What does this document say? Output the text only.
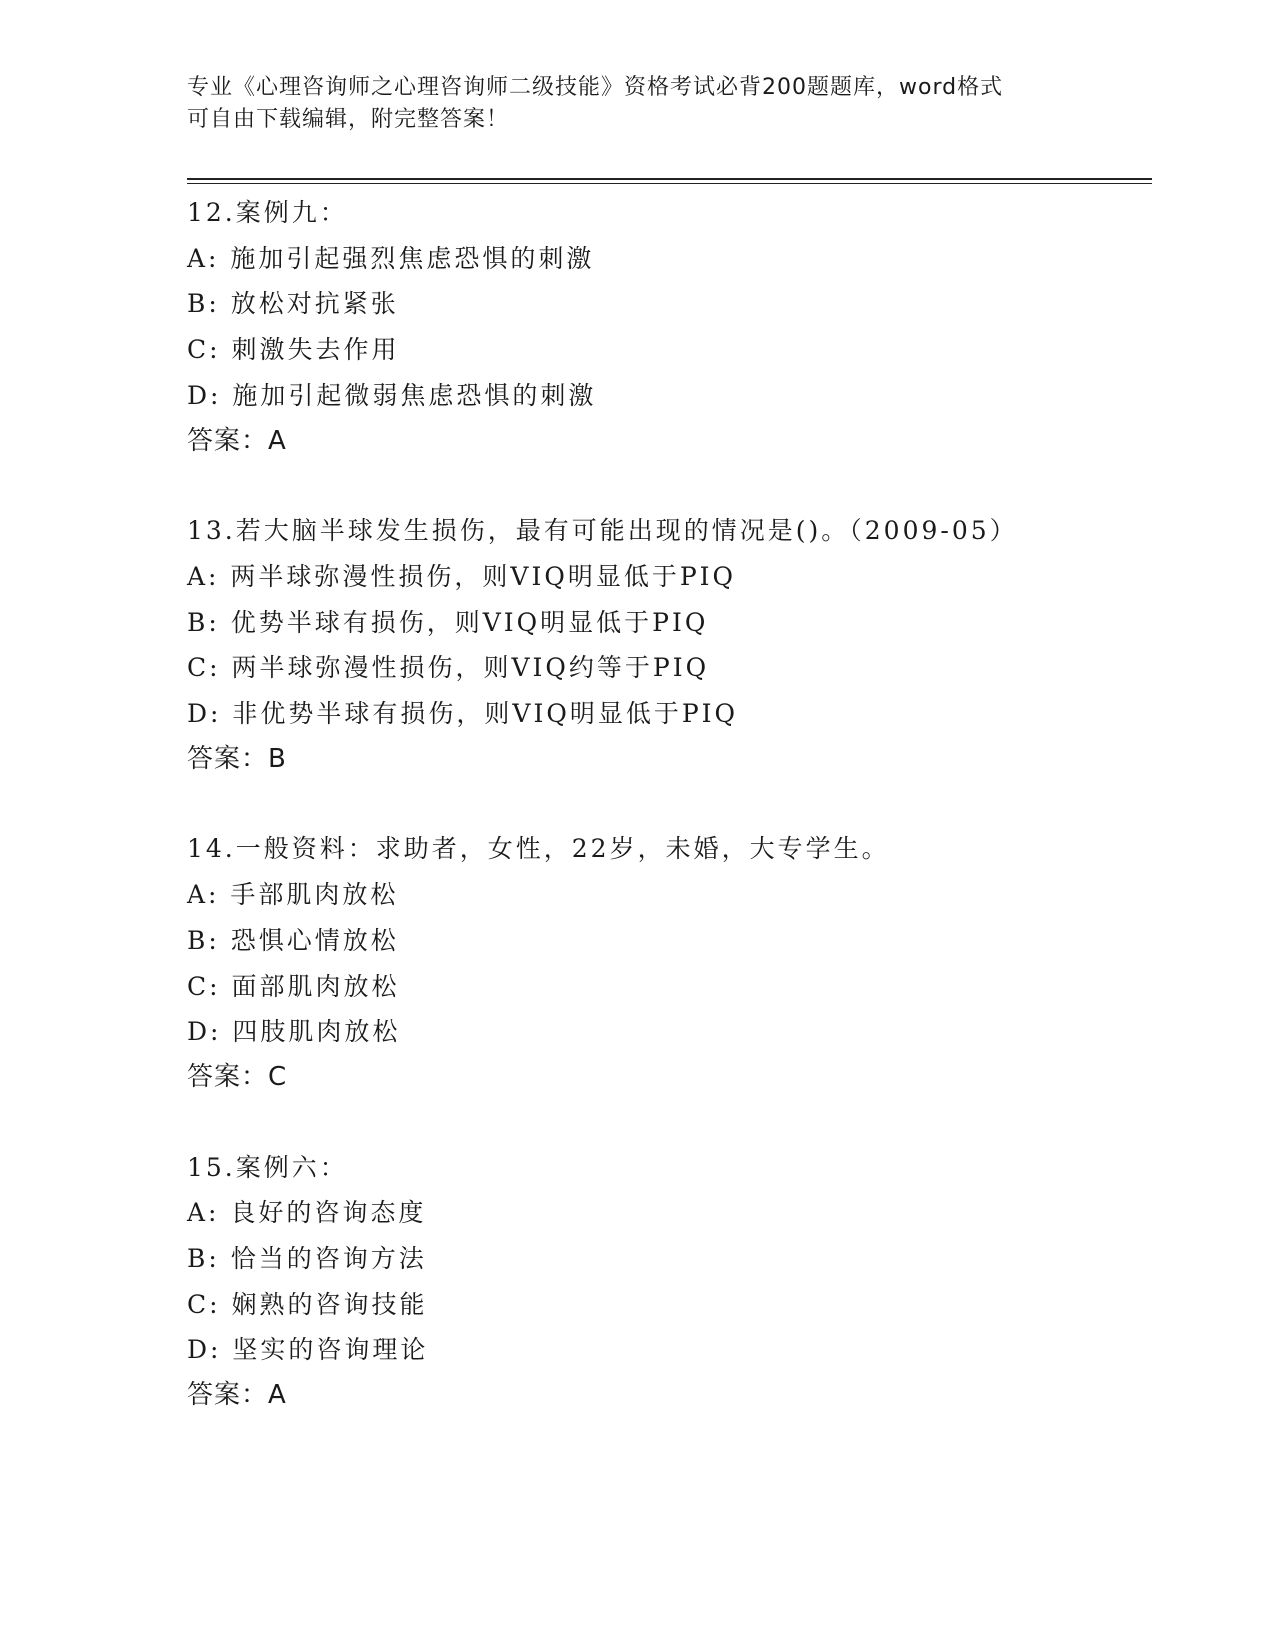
专业《心理咨询师之心理咨询师二级技能》资格考试必背200题题库，word格式
可自由下载编辑，附完整答案！
12.案例九：
A: 施加引起强烈焦虑恐惧的刺激
B: 放松对抗紧张
C: 刺激失去作用
D: 施加引起微弱焦虑恐惧的刺激
答案：A
13.若大脑半球发生损伤，最有可能出现的情况是()。（2009-05）
A: 两半球弥漫性损伤，则VIQ明显低于PIQ
B: 优势半球有损伤，则VIQ明显低于PIQ
C: 两半球弥漫性损伤，则VIQ约等于PIQ
D: 非优势半球有损伤，则VIQ明显低于PIQ
答案：B
14.一般资料：求助者，女性，22岁，未婚，大专学生。
A: 手部肌肉放松
B: 恐惧心情放松
C: 面部肌肉放松
D: 四肢肌肉放松
答案：C
15.案例六：
A: 良好的咨询态度
B: 恰当的咨询方法
C: 娴熟的咨询技能
D: 坚实的咨询理论
答案：A
